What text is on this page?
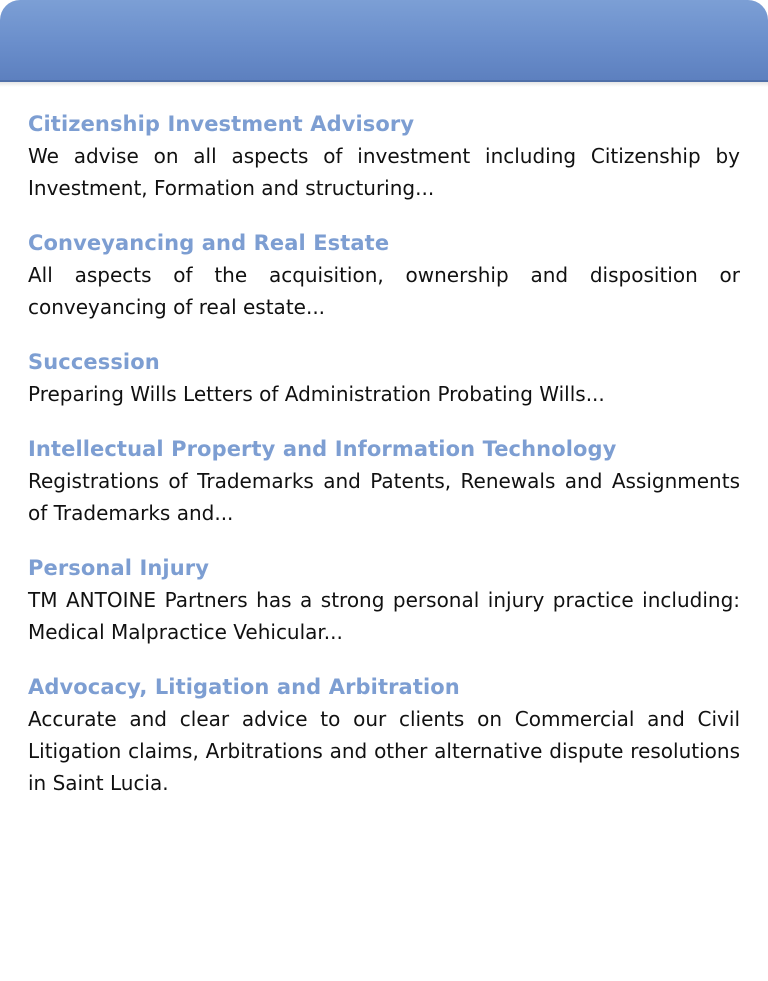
Citizenship Investment Advisory

We advise on all aspects of investment including Citizenship by Investment, Formation and structuring...

Conveyancing and Real Estate

All aspects of the acquisition, ownership and disposition or conveyancing of real estate...

Succession

Preparing Wills Letters of Administration Probating Wills...

Intellectual Property and Information Technology

Registrations of Trademarks and Patents, Renewals and Assignments of Trademarks and...

Personal Injury

TM ANTOINE Partners has a strong personal injury practice including: Medical Malpractice Vehicular...

Advocacy, Litigation and Arbitration

Accurate and clear advice to our clients on Commercial and Civil Litigation claims, Arbitrations and other alternative dispute resolutions in Saint Lucia.
